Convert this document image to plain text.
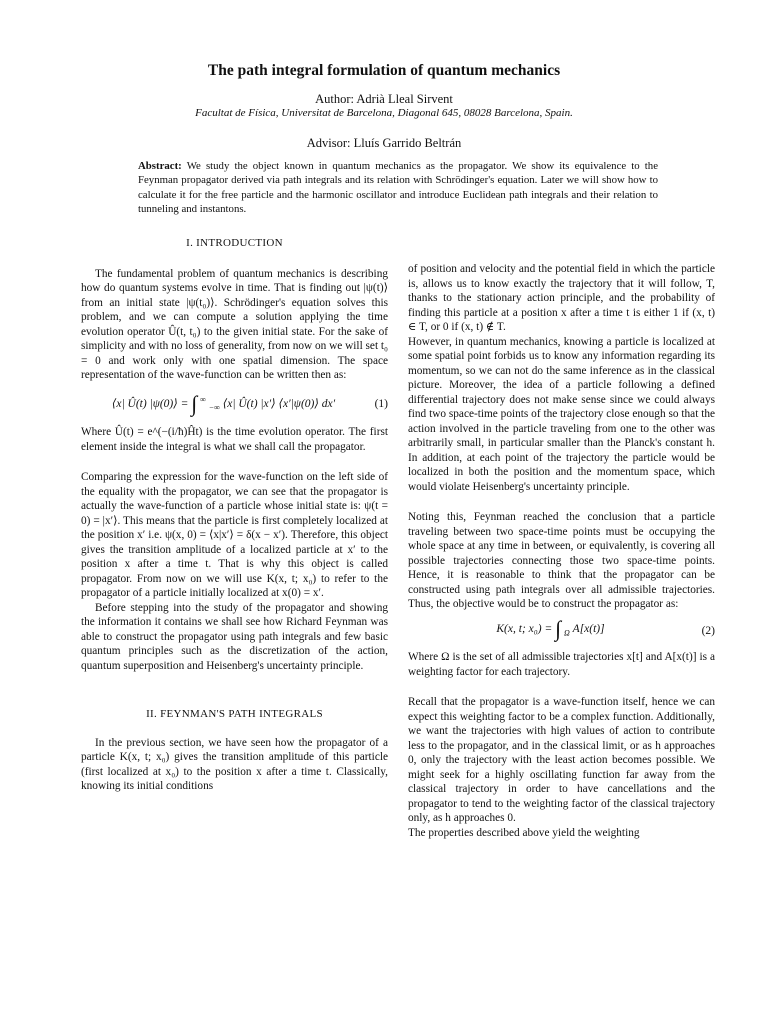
The path integral formulation of quantum mechanics
Author: Adrià Lleal Sirvent
Facultat de Física, Universitat de Barcelona, Diagonal 645, 08028 Barcelona, Spain.
Advisor: Lluís Garrido Beltrán
Abstract: We study the object known in quantum mechanics as the propagator. We show its equivalence to the Feynman propagator derived via path integrals and its relation with Schrödinger's equation. Later we will show how to calculate it for the free particle and the harmonic oscillator and introduce Euclidean path integrals and their relation to tunneling and instantons.
I. INTRODUCTION

The fundamental problem of quantum mechanics is describing how do quantum systems evolve in time. That is finding out |ψ(t)⟩ from an initial state |ψ(t₀)⟩. Schrödinger's equation solves this problem, and we can compute a solution applying the time evolution operator Û(t, t₀) to the given initial state. For the sake of simplicity and with no loss of generality, from now on we will set t₀ = 0 and work only with one spatial dimension. The space representation of the wave-function can be written then as:

⟨x| Û(t) |ψ(0)⟩ = ∫ ∞ $_{-\infty}$ ⟨x| Û(t) |x′⟩ ⟨x′|ψ(0)⟩ dx′	(1)

Where Û(t) = e^(−(i/ħ)Ĥt) is the time evolution operator. The first element inside the integral is what we shall call the propagator.

Comparing the expression for the wave-function on the left side of the equality with the propagator, we can see that the propagator is actually the wave-function of a particle whose initial state is: ψ(t = 0) = |x′⟩. This means that the particle is first completely localized at the position x′ i.e. ψ(x, 0) = ⟨x|x′⟩ = δ(x − x′). Therefore, this object gives the transition amplitude of a localized particle at x′ to the position x after a time t. That is why this object is called propagator. From now on we will use K(x, t; x₀) to refer to the propagator of a particle initially localized at x(0) = x′.

Before stepping into the study of the propagator and showing the information it contains we shall see how Richard Feynman was able to construct the propagator using path integrals and few basic quantum principles such as the discretization of the action, quantum superposition and Heisenberg's uncertainty principle.

II. FEYNMAN'S PATH INTEGRALS

In the previous section, we have seen how the propagator of a particle K(x, t; x₀) gives the transition amplitude of this particle (first localized at x₀) to the position x after a time t. Classically, knowing its initial conditions

of position and velocity and the potential field in which the particle is, allows us to know exactly the trajectory that it will follow, T, thanks to the stationary action principle, and the probability of finding this particle at a position x after a time t is either 1 if (x, t) ∈ T, or 0 if (x, t) ∉ T.

However, in quantum mechanics, knowing a particle is localized at some spatial point forbids us to know any information regarding its momentum, so we can not do the same inference as in the classical picture. Moreover, the idea of a particle following a defined differential trajectory does not make sense since we could always find two space-time points of the trajectory close enough so that the action involved in the particle traveling from one to the other was arbitrarily small, in particular smaller than the Planck's constant h. In addition, at each point of the trajectory the particle would be localized in both the position and the momentum space, which would violate Heisenberg's uncertainty principle.

Noting this, Feynman reached the conclusion that a particle traveling between two space-time points must be occupying the whole space at any time in between, or equivalently, is covering all possible trajectories connecting those two space-time points. Hence, it is reasonable to think that the propagator can be constructed using path integrals over all admissible trajectories. Thus, the objective would be to construct the propagator as:

K(x, t; x₀) = ∫ $_\Omega$ A[x(t)]	(2)

Where Ω is the set of all admissible trajectories x[t] and A[x(t)] is a weighting factor for each trajectory.

Recall that the propagator is a wave-function itself, hence we can expect this weighting factor to be a complex function. Additionally, we want the trajectories with high values of action to contribute less to the propagator, and in the classical limit, or as h approaches 0, only the trajectory with the least action becomes possible. We might seek for a highly oscillating function far away from the classical trajectory in order to have cancellations and the propagator to tend to the weighting factor of the classical trajectory only, as h approaches 0.

The properties described above yield the weighting
